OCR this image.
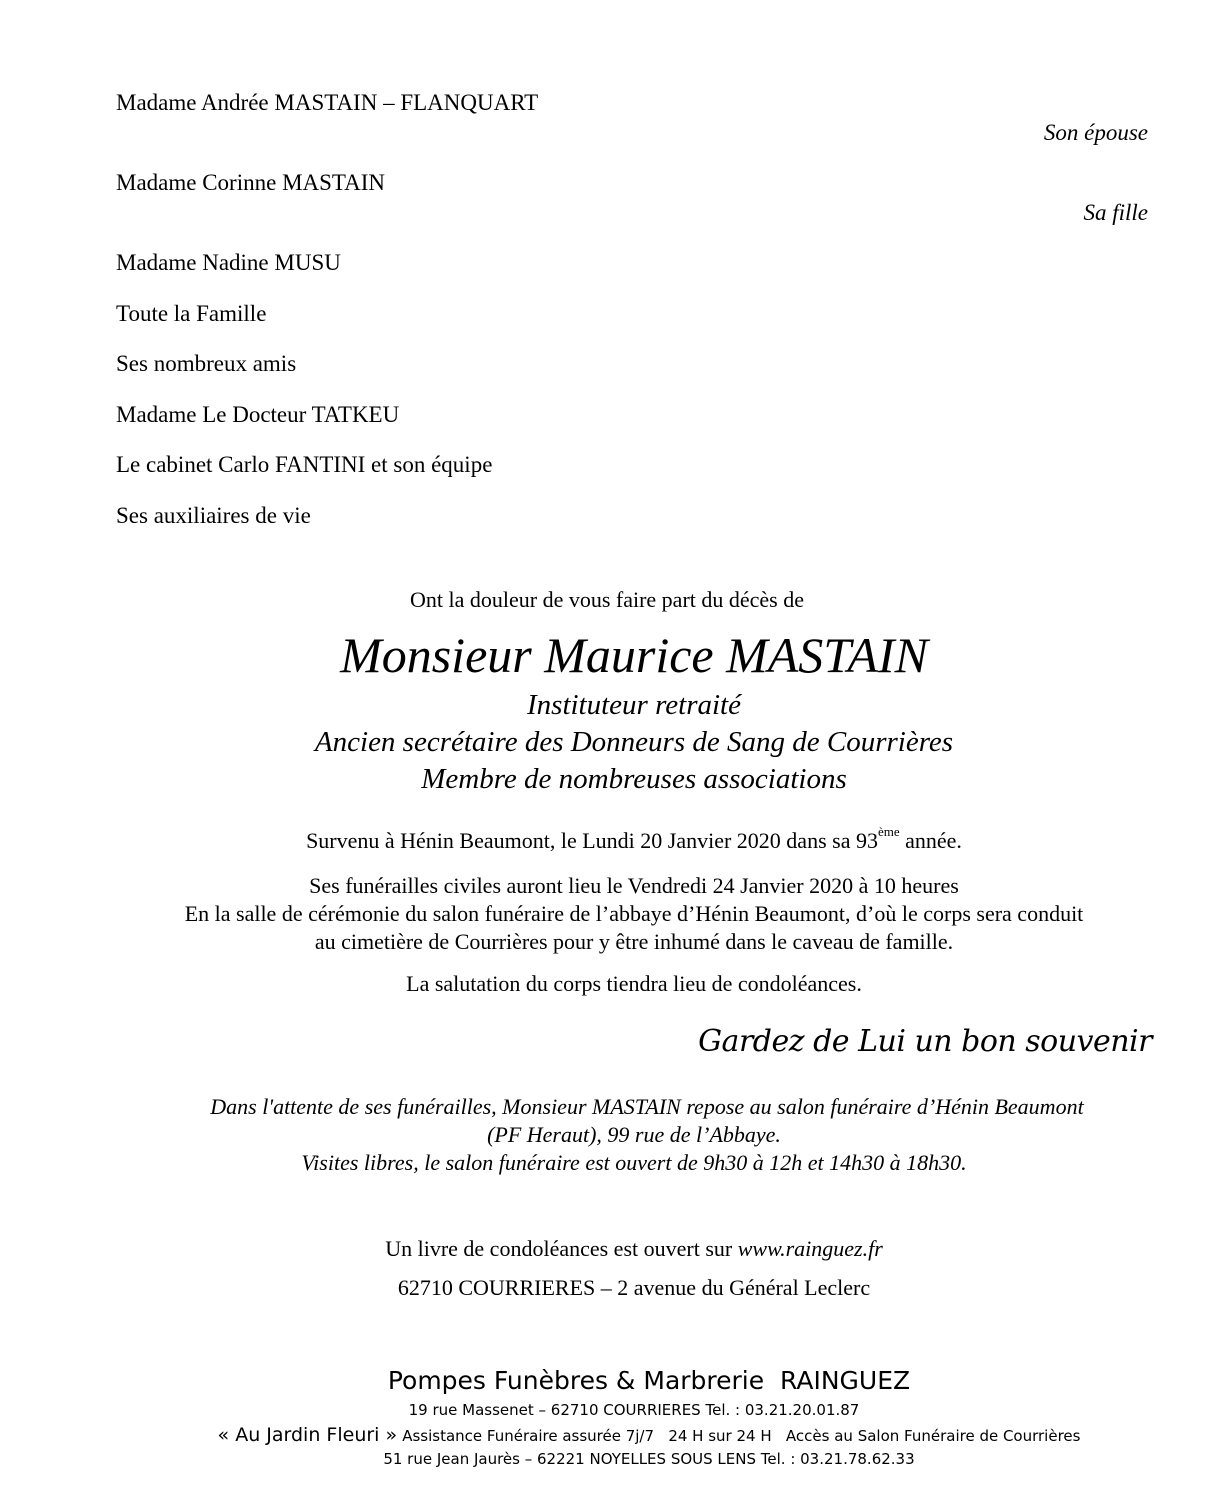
Madame Andrée MASTAIN – FLANQUART
Son épouse
Madame Corinne MASTAIN
Sa fille
Madame Nadine MUSU
Toute la Famille
Ses nombreux amis
Madame Le Docteur TATKEU
Le cabinet Carlo FANTINI et son équipe
Ses auxiliaires de vie
Ont la douleur de vous faire part du décès de
Monsieur Maurice MASTAIN
Instituteur retraité
Ancien secrétaire des Donneurs de Sang de Courrières
Membre de nombreuses associations
Survenu à Hénin Beaumont, le Lundi 20 Janvier 2020 dans sa 93ème année.
Ses funérailles civiles auront lieu le Vendredi 24 Janvier 2020 à 10 heures
En la salle de cérémonie du salon funéraire de l’abbaye d’Hénin Beaumont, d’où le corps sera conduit
au cimetière de Courrières pour y être inhumé dans le caveau de famille.
La salutation du corps tiendra lieu de condoléances.
Gardez de Lui un bon souvenir
Dans l'attente de ses funérailles, Monsieur MASTAIN repose au salon funéraire d’Hénin Beaumont
(PF Heraut), 99 rue de l’Abbaye.
Visites libres, le salon funéraire est ouvert de 9h30 à 12h et 14h30 à 18h30.
Un livre de condoléances est ouvert sur www.rainguez.fr
62710 COURRIERES – 2 avenue du Général Leclerc
Pompes Funèbres & Marbrerie  RAINGUEZ
19 rue Massenet – 62710 COURRIERES Tel. : 03.21.20.01.87
« Au Jardin Fleuri » Assistance Funéraire assurée 7j/7   24 H sur 24 H   Accès au Salon Funéraire de Courrières
51 rue Jean Jaurès – 62221 NOYELLES SOUS LENS Tel. : 03.21.78.62.33
